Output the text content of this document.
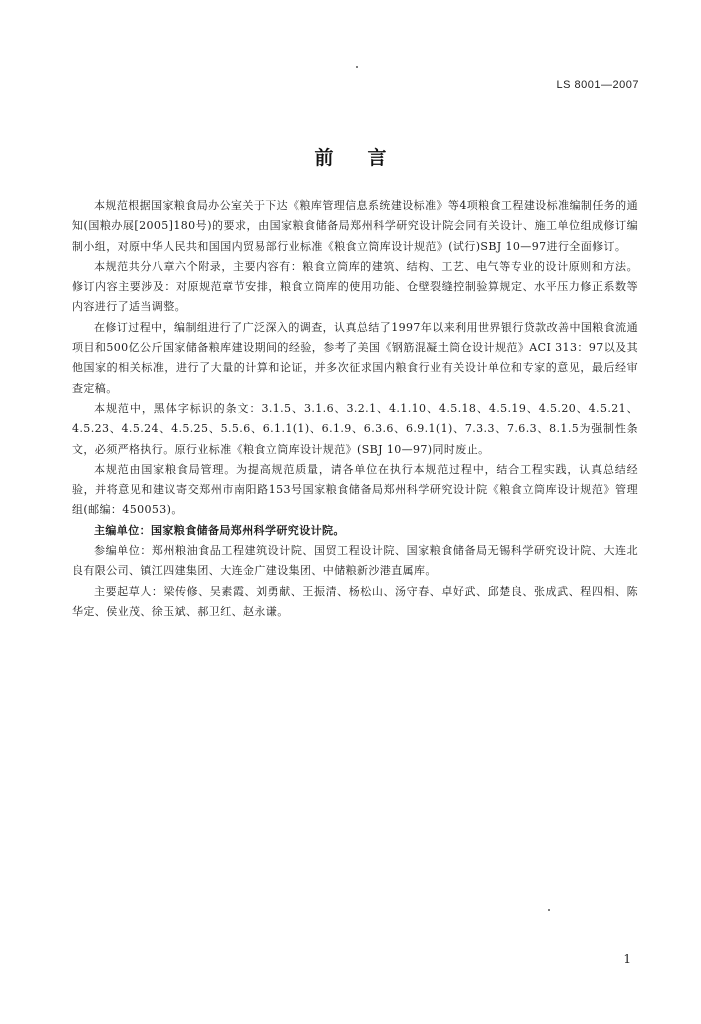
LS 8001—2007
前言

本规范根据国家粮食局办公室关于下达《粮库管理信息系统建设标准》等4项粮食工程建设标准编制任务的通知(国粮办展[2005]180号)的要求，由国家粮食储备局郑州科学研究设计院会同有关设计、施工单位组成修订编制小组，对原中华人民共和国国内贸易部行业标准《粮食立筒库设计规范》(试行)SBJ 10—97进行全面修订。

本规范共分八章六个附录，主要内容有：粮食立筒库的建筑、结构、工艺、电气等专业的设计原则和方法。修订内容主要涉及：对原规范章节安排，粮食立筒库的使用功能、仓壁裂缝控制验算规定、水平压力修正系数等内容进行了适当调整。

在修订过程中，编制组进行了广泛深入的调查，认真总结了1997年以来利用世界银行贷款改善中国粮食流通项目和500亿公斤国家储备粮库建设期间的经验，参考了美国《钢筋混凝土筒仓设计规范》ACI 313：97以及其他国家的相关标准，进行了大量的计算和论证，并多次征求国内粮食行业有关设计单位和专家的意见，最后经审查定稿。

本规范中，黑体字标识的条文：3.1.5、3.1.6、3.2.1、4.1.10、4.5.18、4.5.19、4.5.20、4.5.21、4.5.23、4.5.24、4.5.25、5.5.6、6.1.1(1)、6.1.9、6.3.6、6.9.1(1)、7.3.3、7.6.3、8.1.5为强制性条文，必须严格执行。原行业标准《粮食立筒库设计规范》(SBJ 10—97)同时废止。

本规范由国家粮食局管理。为提高规范质量，请各单位在执行本规范过程中，结合工程实践，认真总结经验，并将意见和建议寄交郑州市南阳路153号国家粮食储备局郑州科学研究设计院《粮食立筒库设计规范》管理组(邮编：450053)。

主编单位：国家粮食储备局郑州科学研究设计院。

参编单位：郑州粮油食品工程建筑设计院、国贸工程设计院、国家粮食储备局无锡科学研究设计院、大连北良有限公司、镇江四建集团、大连金广建设集团、中储粮新沙港直属库。

主要起草人：梁传修、吴素霞、刘勇献、王振清、杨松山、汤守春、卓好武、邱楚良、张成武、程四相、陈华定、侯业茂、徐玉斌、郝卫红、赵永谦。

1
